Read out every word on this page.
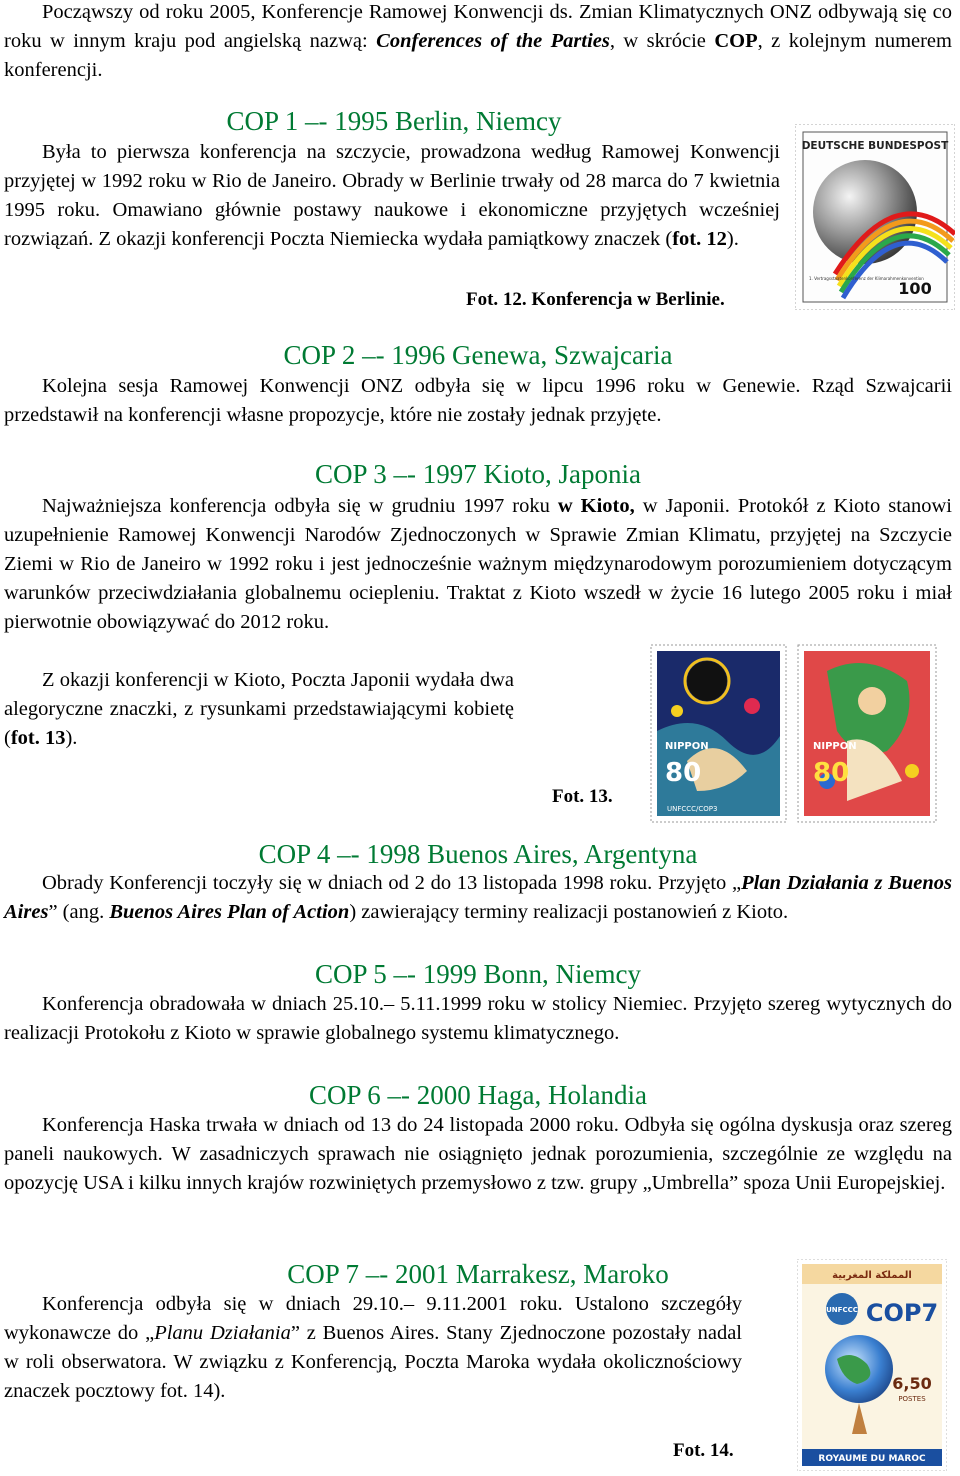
Począwszy od roku 2005, Konferencje Ramowej Konwencji ds. Zmian Klimatycznych ONZ odbywają się co roku w innym kraju pod angielską nazwą: Conferences of the Parties, w skrócie COP, z kolejnym numerem konferencji.

COP 1 –- 1995 Berlin, Niemcy

Była to pierwsza konferencja na szczycie, prowadzona według Ramowej Konwencji przyjętej w 1992 roku w Rio de Janeiro. Obrady w Berlinie trwały od 28 marca do 7 kwietnia 1995 roku. Omawiano głównie postawy naukowe i ekonomiczne przyjętych wcześniej rozwiązań. Z okazji konferencji Poczta Niemiecka wydała pamiątkowy znaczek (fot. 12).

Fot. 12. Konferencja w Berlinie.
DEUTSCHE BUNDESPOST
1. Vertragsstaatenkonferenz der Klimarahmenkonvention
100
COP 2 –- 1996 Genewa, Szwajcaria

Kolejna sesja Ramowej Konwencji ONZ odbyła się w lipcu 1996 roku w Genewie. Rząd Szwajcarii przedstawił na konferencji własne propozycje, które nie zostały jednak przyjęte.

COP 3 –- 1997 Kioto, Japonia

Najważniejsza konferencja odbyła się w grudniu 1997 roku w Kioto, w Japonii. Protokół z Kioto stanowi uzupełnienie Ramowej Konwencji Narodów Zjednoczonych w Sprawie Zmian Klimatu, przyjętej na Szczycie Ziemi w Rio de Janeiro w 1992 roku i jest jednocześnie ważnym międzynarodowym porozumieniem dotyczącym warunków przeciwdziałania globalnemu ociepleniu. Traktat z Kioto wszedł w życie 16 lutego 2005 roku i miał pierwotnie obowiązywać do 2012 roku.

Z okazji konferencji w Kioto, Poczta Japonii wydała dwa alegoryczne znaczki, z rysunkami przedstawiającymi kobietę (fot. 13).

Fot. 13.
NIPPON
80
NIPPON
80
UNFCCC/COP3
COP 4 –- 1998 Buenos Aires, Argentyna

Obrady Konferencji toczyły się w dniach od 2 do 13 listopada 1998 roku. Przyjęto „Plan Działania z Buenos Aires” (ang. Buenos Aires Plan of Action) zawierający terminy realizacji postanowień z Kioto.

COP 5 –- 1999 Bonn, Niemcy

Konferencja obradowała w dniach 25.10.– 5.11.1999 roku w stolicy Niemiec. Przyjęto szereg wytycznych do realizacji Protokołu z Kioto w sprawie globalnego systemu klimatycznego.

COP 6 –- 2000 Haga, Holandia

Konferencja Haska trwała w dniach od 13 do 24 listopada 2000 roku. Odbyła się ogólna dyskusja oraz szereg paneli naukowych. W zasadniczych sprawach nie osiągnięto jednak porozumienia, szczególnie ze względu na opozycję USA i kilku innych krajów rozwiniętych przemysłowo z tzw. grupy „Umbrella” spoza Unii Europejskiej.

COP 7 –- 2001 Marrakesz, Maroko

Konferencja odbyła się w dniach 29.10.– 9.11.2001 roku. Ustalono szczegóły wykonawcze do „Planu Działania” z Buenos Aires. Stany Zjednoczone pozostały nadal w roli obserwatora. W związku z Konferencją, Poczta Maroka wydała okolicznościowy znaczek pocztowy fot. 14).

Fot. 14.
المملكة المغربية
UNFCCC COP7
6,50
POSTES
ROYAUME DU MAROC
